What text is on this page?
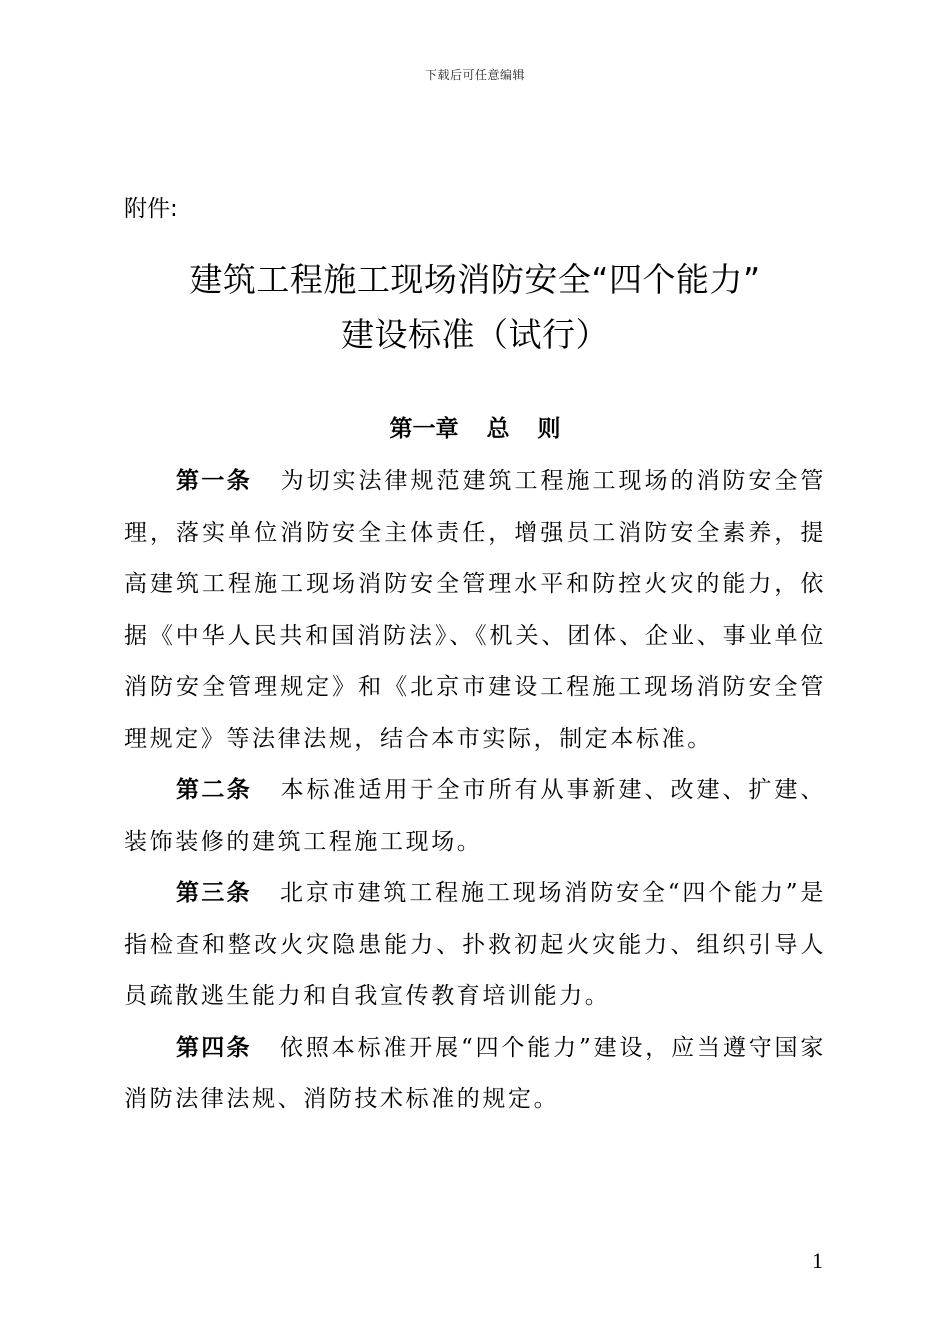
下载后可任意编辑
附件:
建筑工程施工现场消防安全“四个能力”
建设标准（试行）
第一章 总 则

第一条 为切实法律规范建筑工程施工现场的消防安全管理，落实单位消防安全主体责任，增强员工消防安全素养，提高建筑工程施工现场消防安全管理水平和防控火灾的能力，依据《中华人民共和国消防法》、《机关、团体、企业、事业单位消防安全管理规定》和《北京市建设工程施工现场消防安全管理规定》等法律法规，结合本市实际，制定本标准。

第二条 本标准适用于全市所有从事新建、改建、扩建、装饰装修的建筑工程施工现场。

第三条 北京市建筑工程施工现场消防安全“四个能力”是指检查和整改火灾隐患能力、扑救初起火灾能力、组织引导人员疏散逃生能力和自我宣传教育培训能力。

第四条 依照本标准开展“四个能力”建设，应当遵守国家消防法律法规、消防技术标准的规定。

1
